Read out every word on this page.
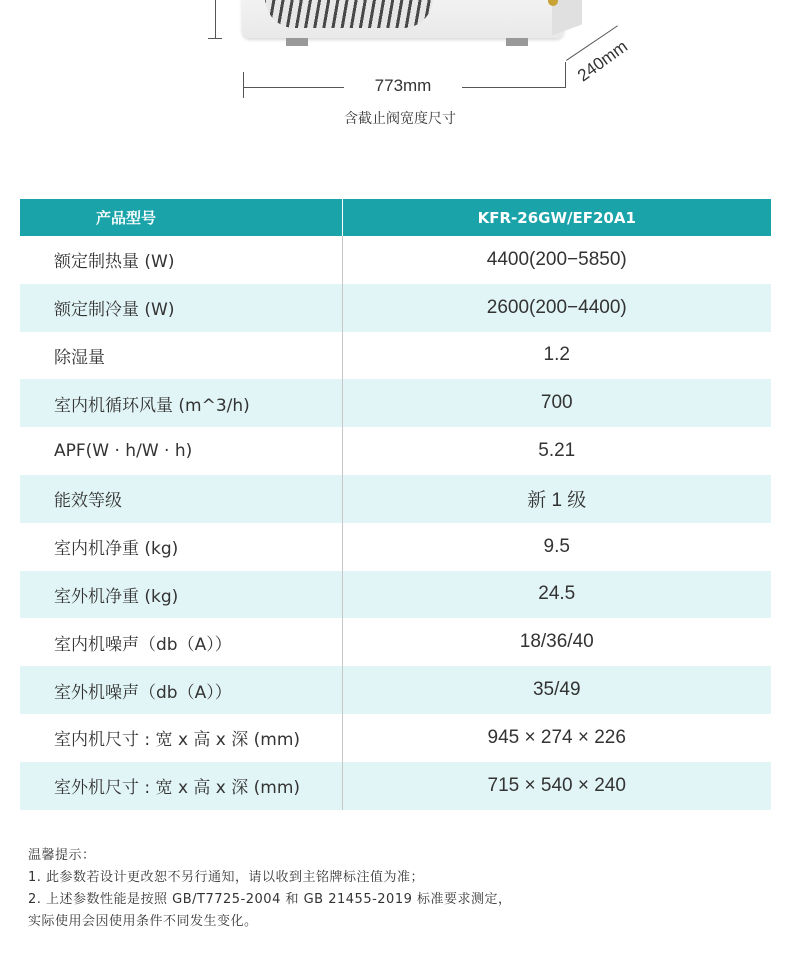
773mm
240mm
含截止阀宽度尺寸
产品型号	KFR-26GW/EF20A1
额定制热量 (W)	4400(200−5850)
额定制冷量 (W)	2600(200−4400)
除湿量	1.2
室内机循环风量 (m^3/h)	700
APF(W · h/W · h)	5.21
能效等级	新 1 级
室内机净重 (kg)	9.5
室外机净重 (kg)	24.5
室内机噪声（db（A））	18/36/40
室外机噪声（db（A））	35/49
室内机尺寸 : 宽 x 高 x 深 (mm)	945 × 274 × 226
室外机尺寸 : 宽 x 高 x 深 (mm)	715 × 540 × 240
温馨提示：
1. 此参数若设计更改恕不另行通知，请以收到主铭牌标注值为准；
2. 上述参数性能是按照 GB/T7725-2004 和 GB 21455-2019 标准要求测定，
实际使用会因使用条件不同发生变化。
